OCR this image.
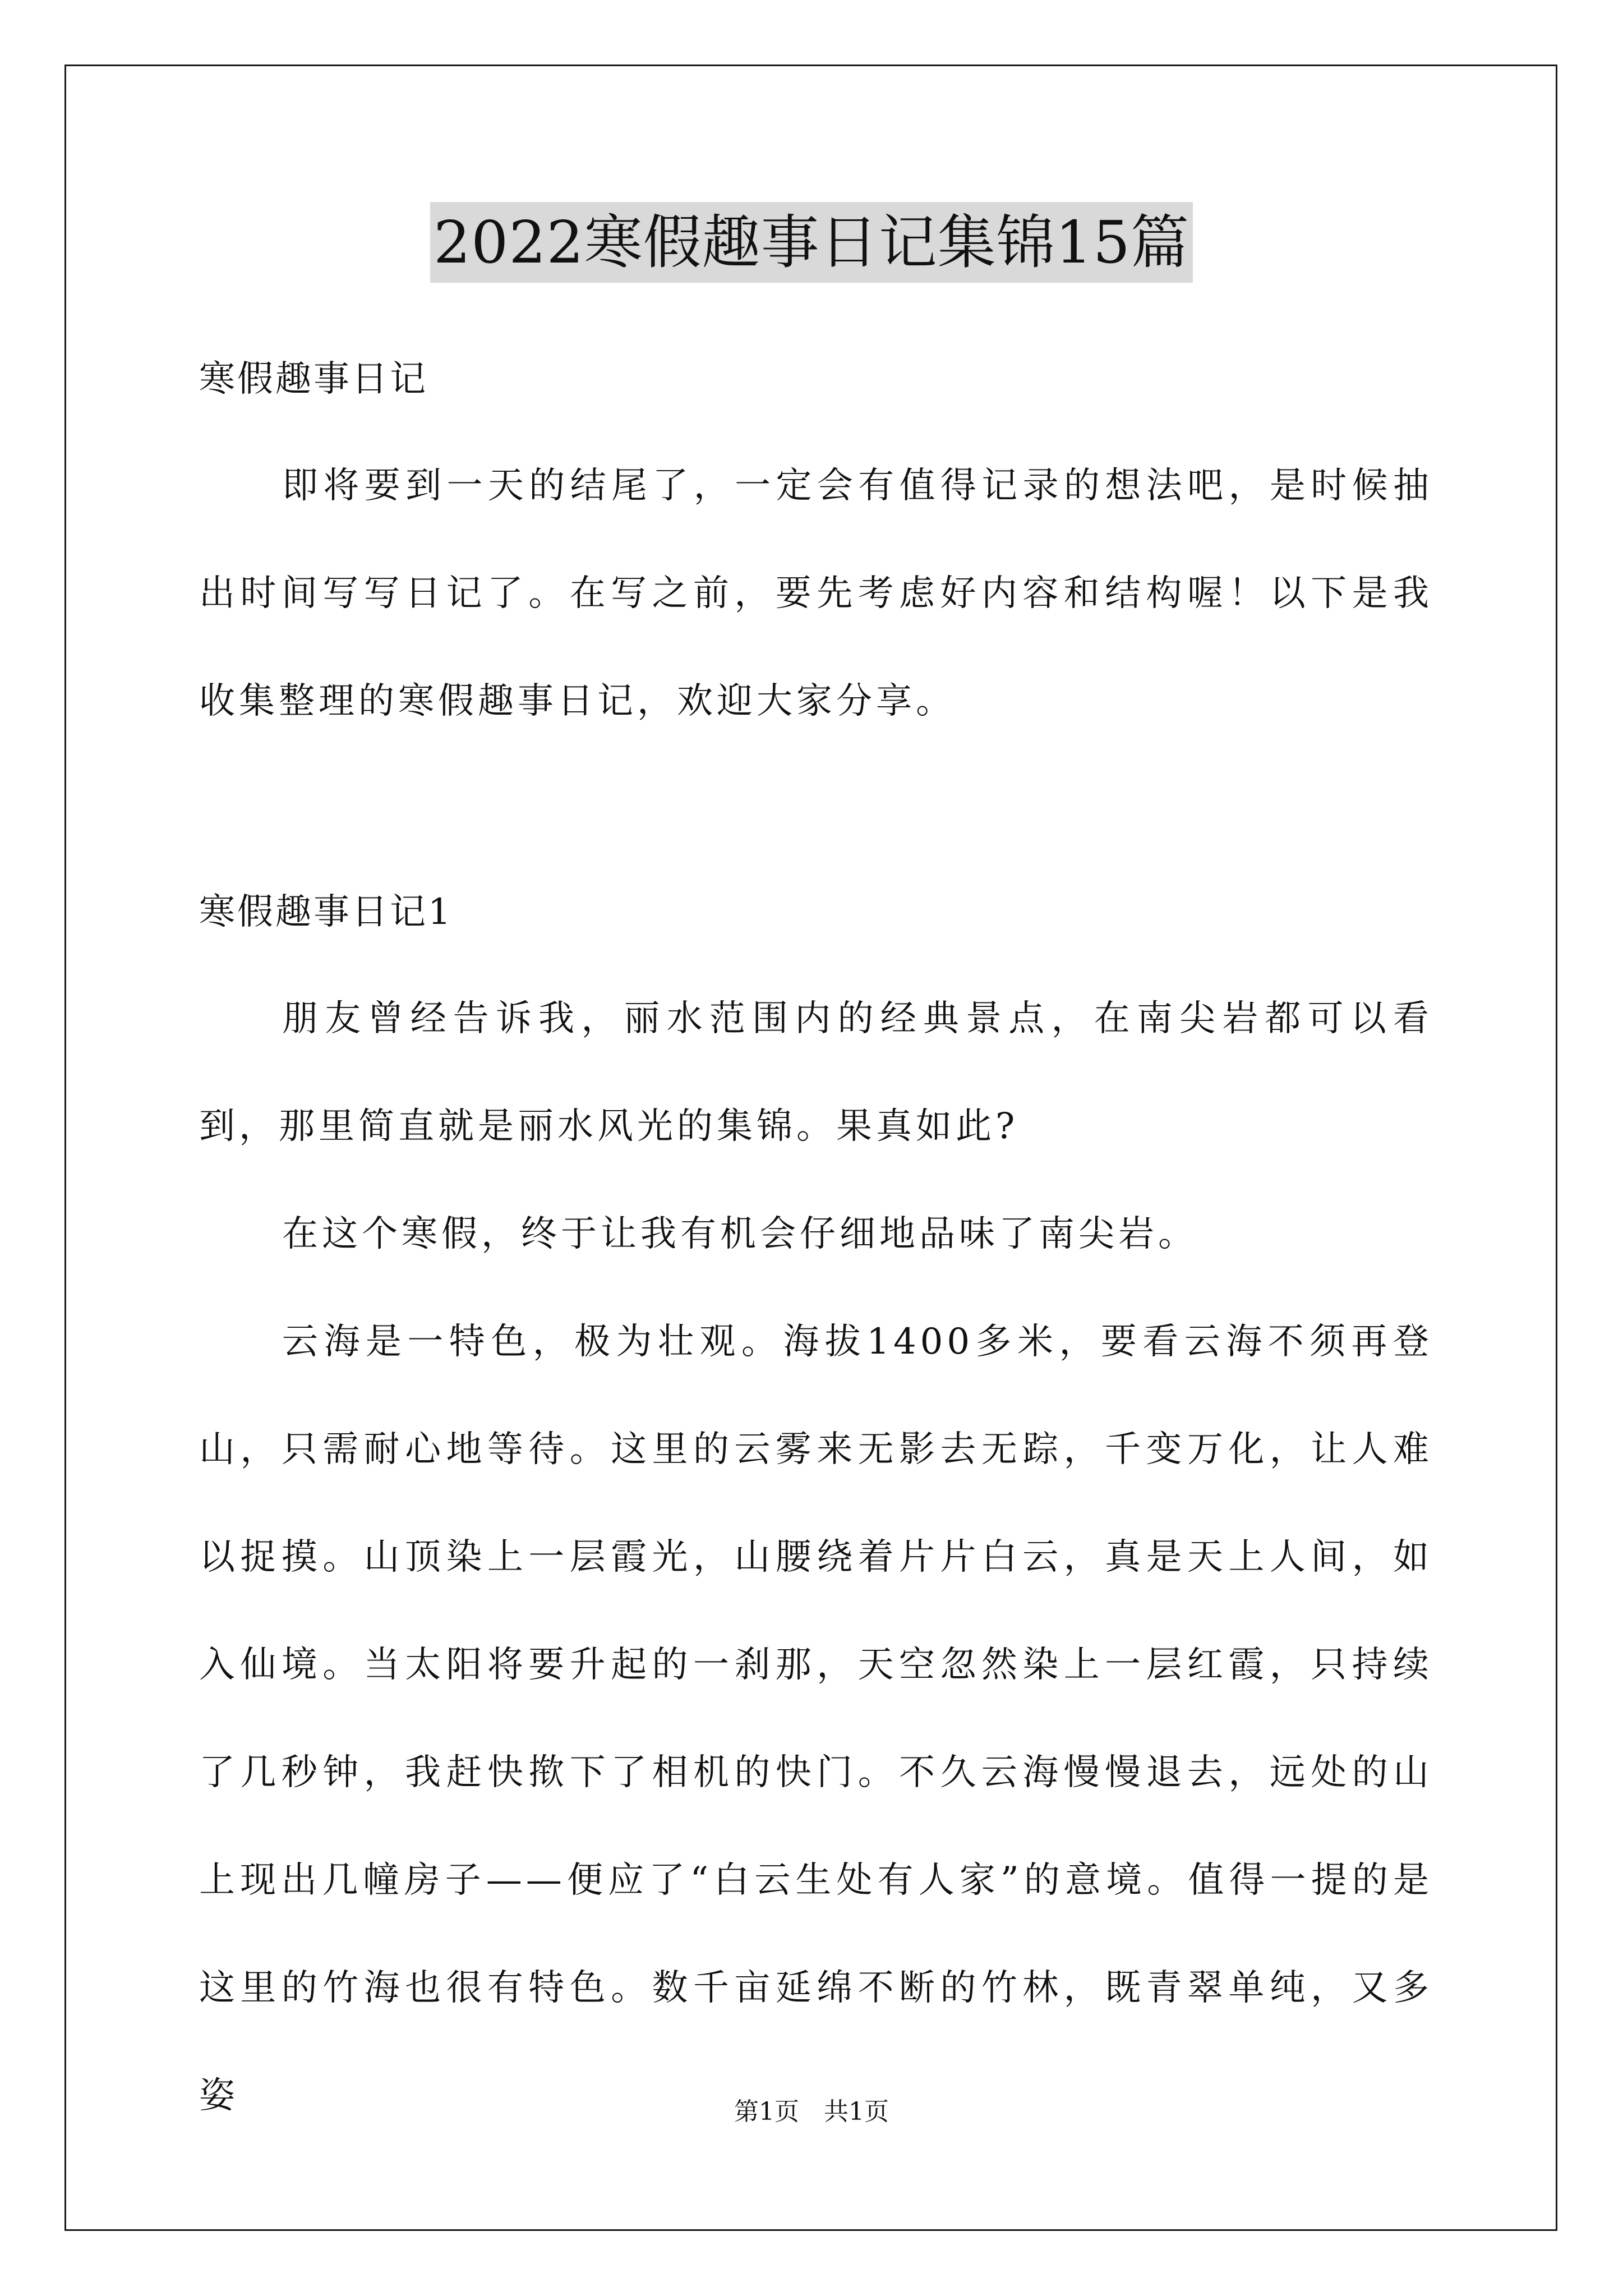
2022寒假趣事日记集锦15篇
寒假趣事日记
即将要到一天的结尾了，一定会有值得记录的想法吧，是时候抽出时间写写日记了。在写之前，要先考虑好内容和结构喔！以下是我收集整理的寒假趣事日记，欢迎大家分享。
寒假趣事日记1
朋友曾经告诉我，丽水范围内的经典景点，在南尖岩都可以看到，那里简直就是丽水风光的集锦。果真如此?
在这个寒假，终于让我有机会仔细地品味了南尖岩。
云海是一特色，极为壮观。海拔1400多米，要看云海不须再登山，只需耐心地等待。这里的云雾来无影去无踪，千变万化，让人难以捉摸。山顶染上一层霞光，山腰绕着片片白云，真是天上人间，如入仙境。当太阳将要升起的一刹那，天空忽然染上一层红霞，只持续了几秒钟，我赶快揿下了相机的快门。不久云海慢慢退去，远处的山上现出几幢房子——便应了“白云生处有人家”的意境。值得一提的是这里的竹海也很有特色。数千亩延绵不断的竹林，既青翠单纯，又多姿	第1页　共1页
